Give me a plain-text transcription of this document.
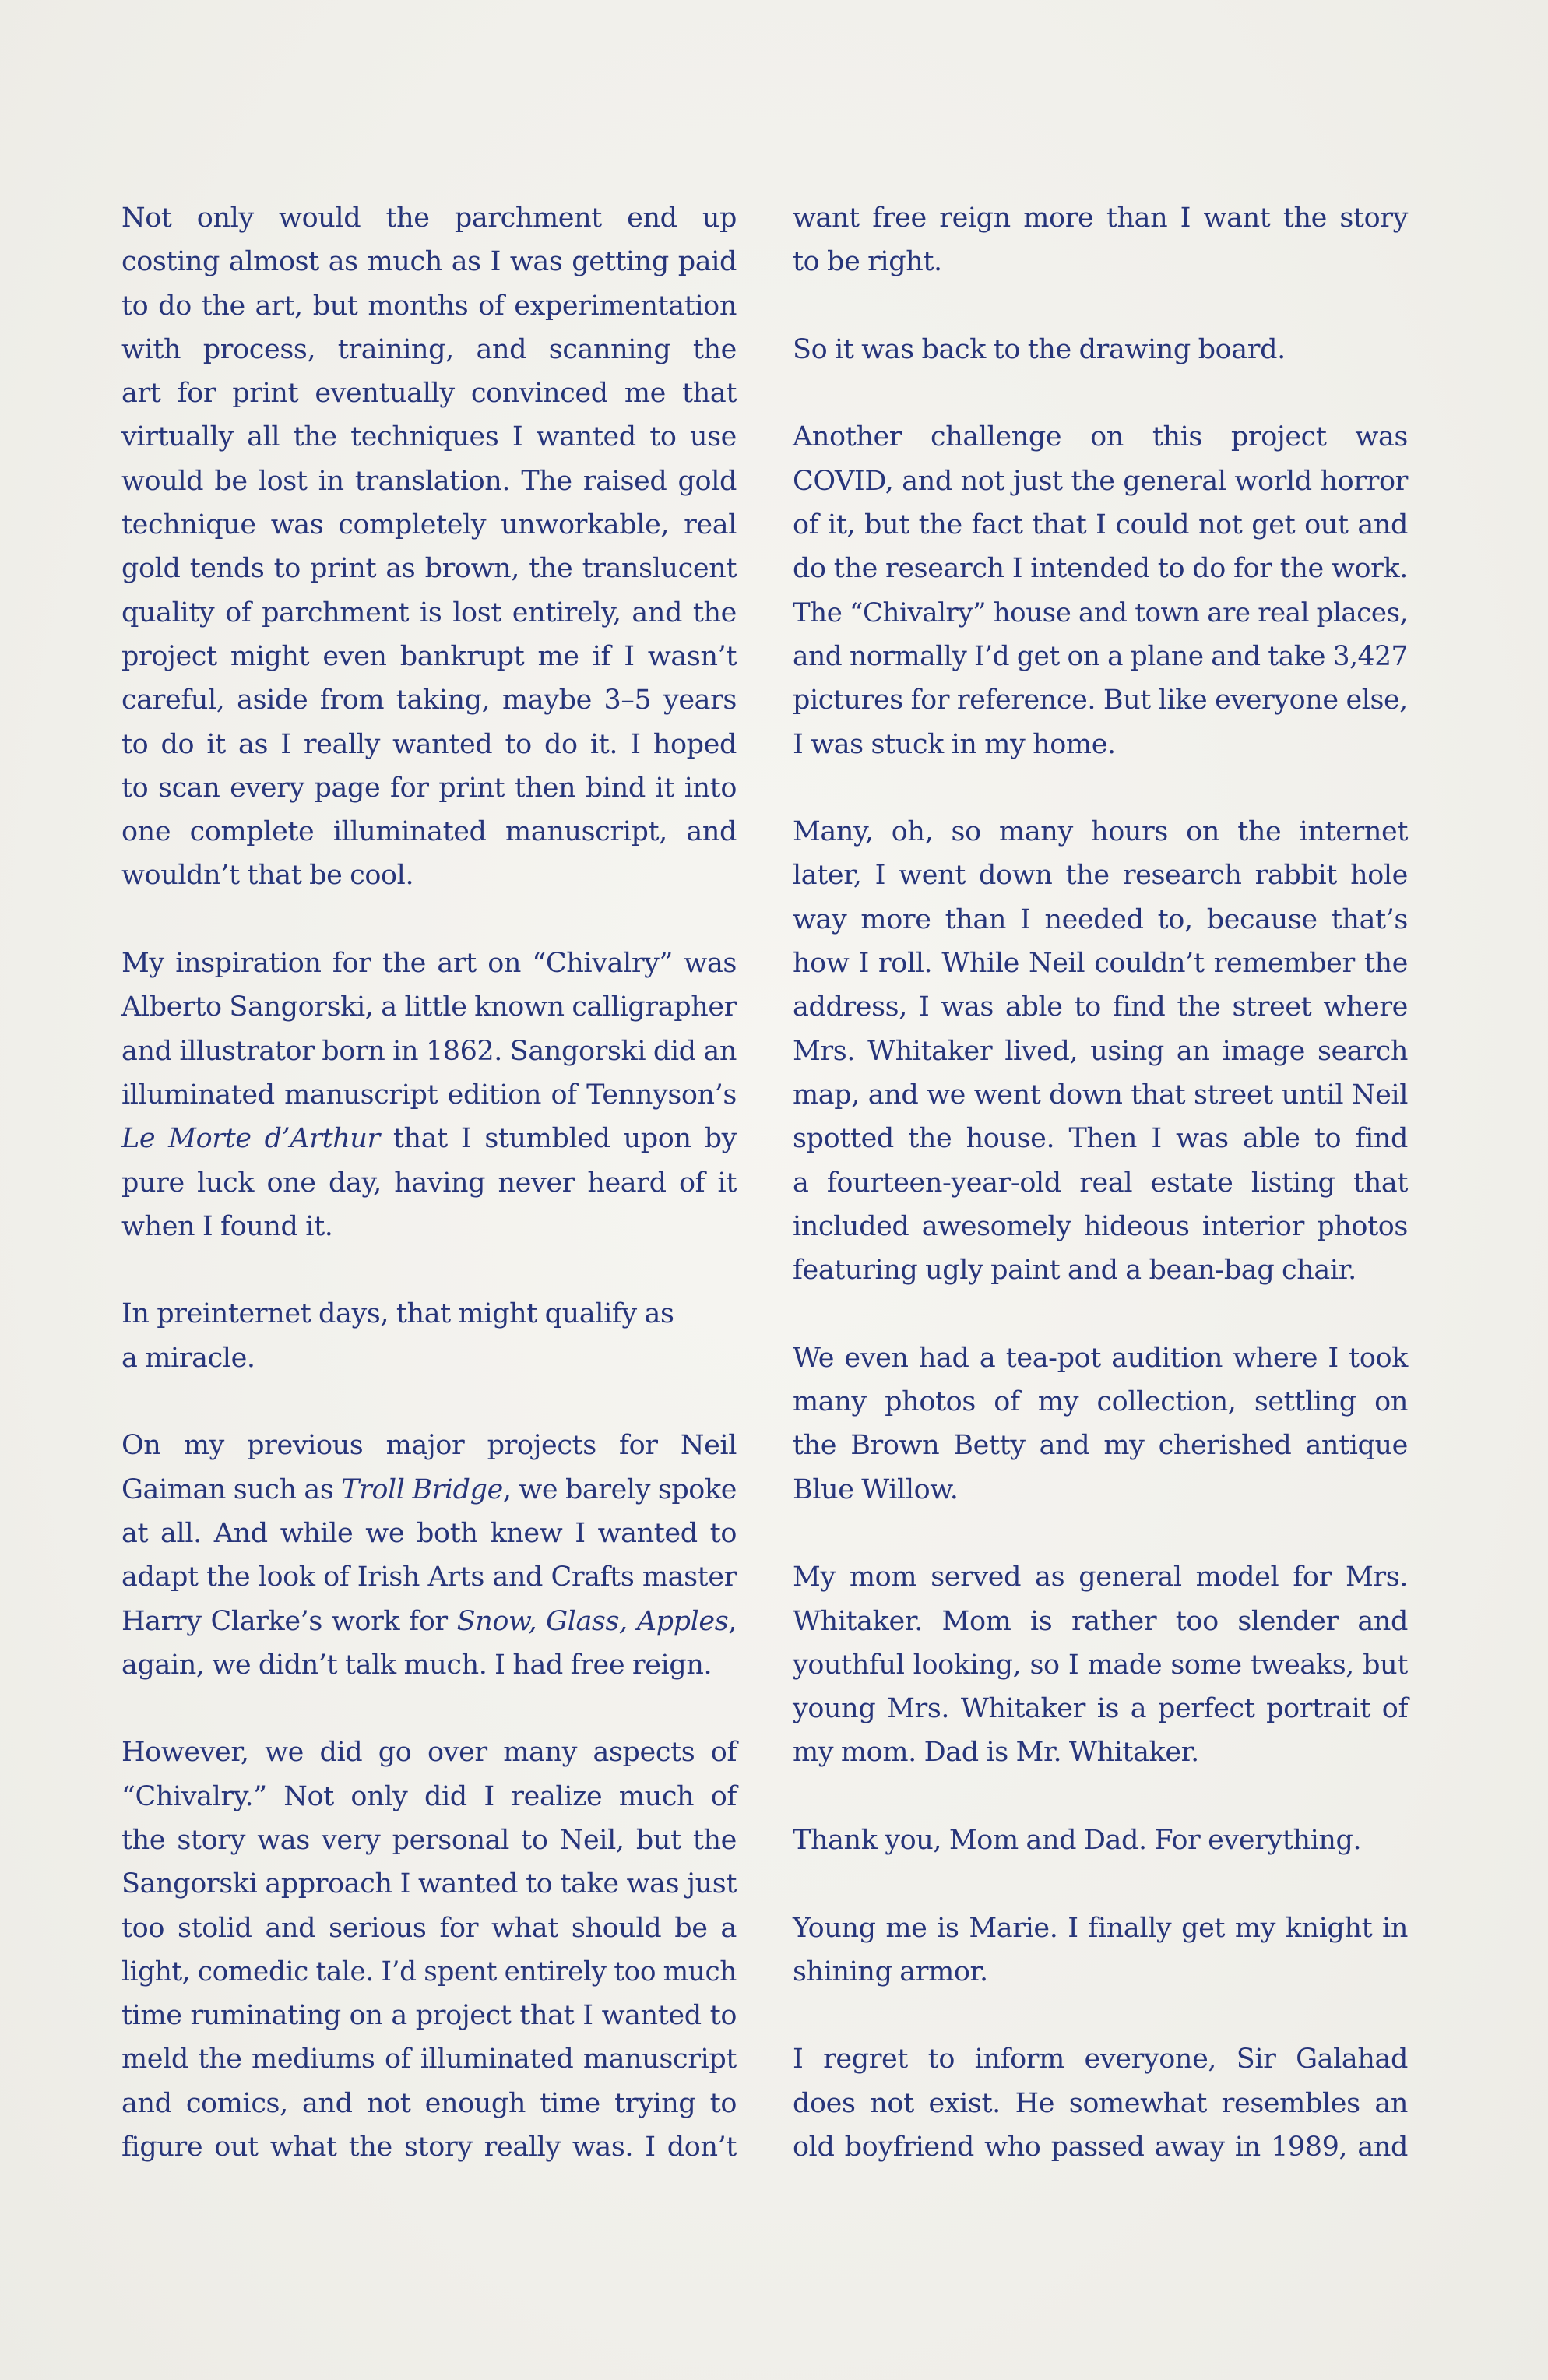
Not only would the parchment end up
costing almost as much as I was getting paid
to do the art, but months of experimentation
with process, training, and scanning the
art for print eventually convinced me that
virtually all the techniques I wanted to use
would be lost in translation. The raised gold
technique was completely unworkable, real
gold tends to print as brown, the translucent
quality of parchment is lost entirely, and the
project might even bankrupt me if I wasn’t
careful, aside from taking, maybe 3–5 years
to do it as I really wanted to do it. I hoped
to scan every page for print then bind it into
one complete illuminated manuscript, and
wouldn’t that be cool.
My inspiration for the art on “Chivalry” was
Alberto Sangorski, a little known calligrapher
and illustrator born in 1862. Sangorski did an
illuminated manuscript edition of Tennyson’s
Le Morte d’Arthur that I stumbled upon by
pure luck one day, having never heard of it
when I found it.
In preinternet days, that might qualify as
a miracle.
On my previous major projects for Neil
Gaiman such as Troll Bridge, we barely spoke
at all. And while we both knew I wanted to
adapt the look of Irish Arts and Crafts master
Harry Clarke’s work for Snow, Glass, Apples,
again, we didn’t talk much. I had free reign.
However, we did go over many aspects of
“Chivalry.” Not only did I realize much of
the story was very personal to Neil, but the
Sangorski approach I wanted to take was just
too stolid and serious for what should be a
light, comedic tale. I’d spent entirely too much
time ruminating on a project that I wanted to
meld the mediums of illuminated manuscript
and comics, and not enough time trying to
figure out what the story really was. I don’t
want free reign more than I want the story
to be right.
So it was back to the drawing board.
Another challenge on this project was
COVID, and not just the general world horror
of it, but the fact that I could not get out and
do the research I intended to do for the work.
The “Chivalry” house and town are real places,
and normally I’d get on a plane and take 3,427
pictures for reference. But like everyone else,
I was stuck in my home.
Many, oh, so many hours on the internet
later, I went down the research rabbit hole
way more than I needed to, because that’s
how I roll. While Neil couldn’t remember the
address, I was able to find the street where
Mrs. Whitaker lived, using an image search
map, and we went down that street until Neil
spotted the house. Then I was able to find
a fourteen-year-old real estate listing that
included awesomely hideous interior photos
featuring ugly paint and a bean-bag chair.
We even had a tea-pot audition where I took
many photos of my collection, settling on
the Brown Betty and my cherished antique
Blue Willow.
My mom served as general model for Mrs.
Whitaker. Mom is rather too slender and
youthful looking, so I made some tweaks, but
young Mrs. Whitaker is a perfect portrait of
my mom. Dad is Mr. Whitaker.
Thank you, Mom and Dad. For everything.
Young me is Marie. I finally get my knight in
shining armor.
I regret to inform everyone, Sir Galahad
does not exist. He somewhat resembles an
old boyfriend who passed away in 1989, and
